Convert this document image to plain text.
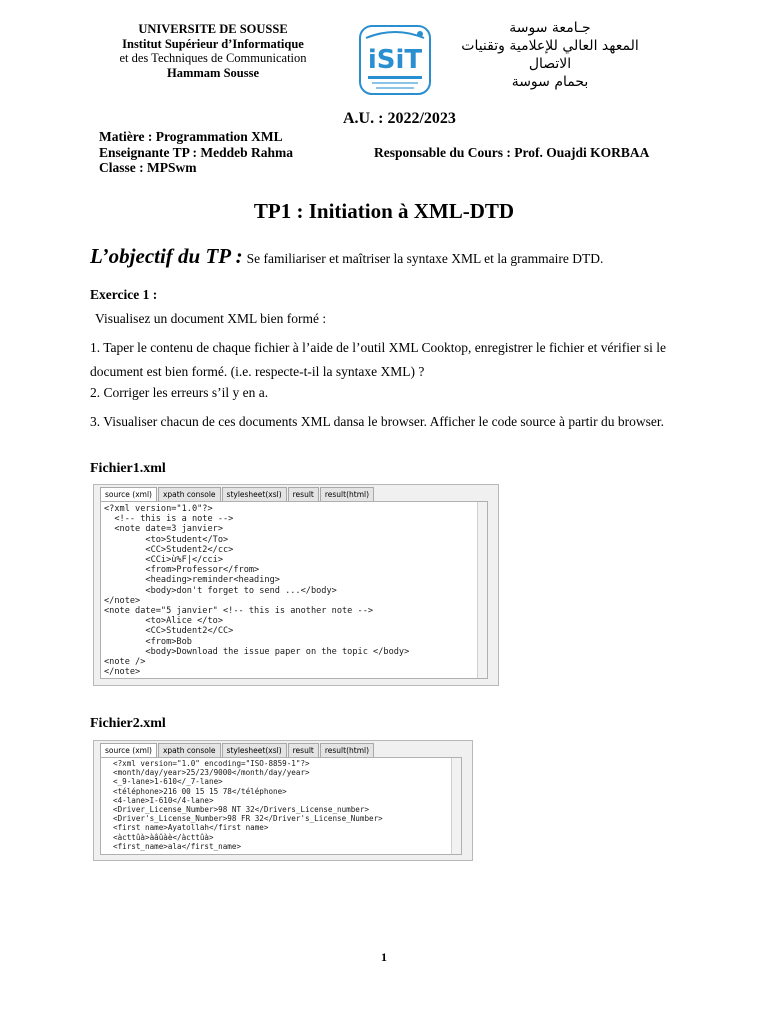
UNIVERSITE DE SOUSSE
Institut Supérieur d’Informatique
et des Techniques de Communication
Hammam Sousse	iSiT
جـامعة سوسة
المعهد العالي للإعلامية وتقنيات الاتصال
بحمام سوسة
A.U. : 2022/2023
Matière : Programmation XML
Enseignante TP : Meddeb Rahma
Classe : MPSwm
Responsable du Cours : Prof. Ouajdi KORBAA
TP1 : Initiation à XML-DTD
L’objectif du TP : Se familiariser et maîtriser la syntaxe XML et la grammaire DTD.
Exercice 1 :
Visualisez un document XML bien formé :
1. Taper le contenu de chaque fichier à l’aide de l’outil XML Cooktop, enregistrer le fichier et vérifier si le document est bien formé. (i.e. respecte-t-il la syntaxe XML) ?
2. Corriger les erreurs s’il y en a.
3. Visualiser chacun de ces documents XML dansa le browser. Afficher le code source à partir du browser.
Fichier1.xml
source (xml)	xpath console	stylesheet(xsl)	result	result(html)
<?xml version="1.0"?>
<!-- this is a note -->
<note date=3 janvier>
<to>Student</To>
<CC>Student2</cc>
<CCi>ù%F|</cci>
<from>Professor</from>
<heading>reminder<heading>
<body>don't forget to send ...</body>
</note>
<note date="5 janvier" <!-- this is another note -->
<to>Alice </to>
<CC>Student2</CC>
<from>Bob
<body>Download the issue paper on the topic </body>
<note />
</note>
Fichier2.xml
source (xml)	xpath console	stylesheet(xsl)	result	result(html)
<?xml version="1.0" encoding="ISO-8859-1"?>
<month/day/year>25/23/9000</month/day/year>
<_9-lane>1-610</_7-lane>
<téléphone>216 00 15 15 78</téléphone>
<4-lane>I-610</4-lane>
<Driver_License_Number>98 NT 32</Drivers_License_number>
<Driver's_License_Number>98 FR 32</Driver's_License_Number>
<first name>Ayatollah</first name>
<àcttûà>àâûàè</àcttûà>
<first_name>ala</first_name>
1
